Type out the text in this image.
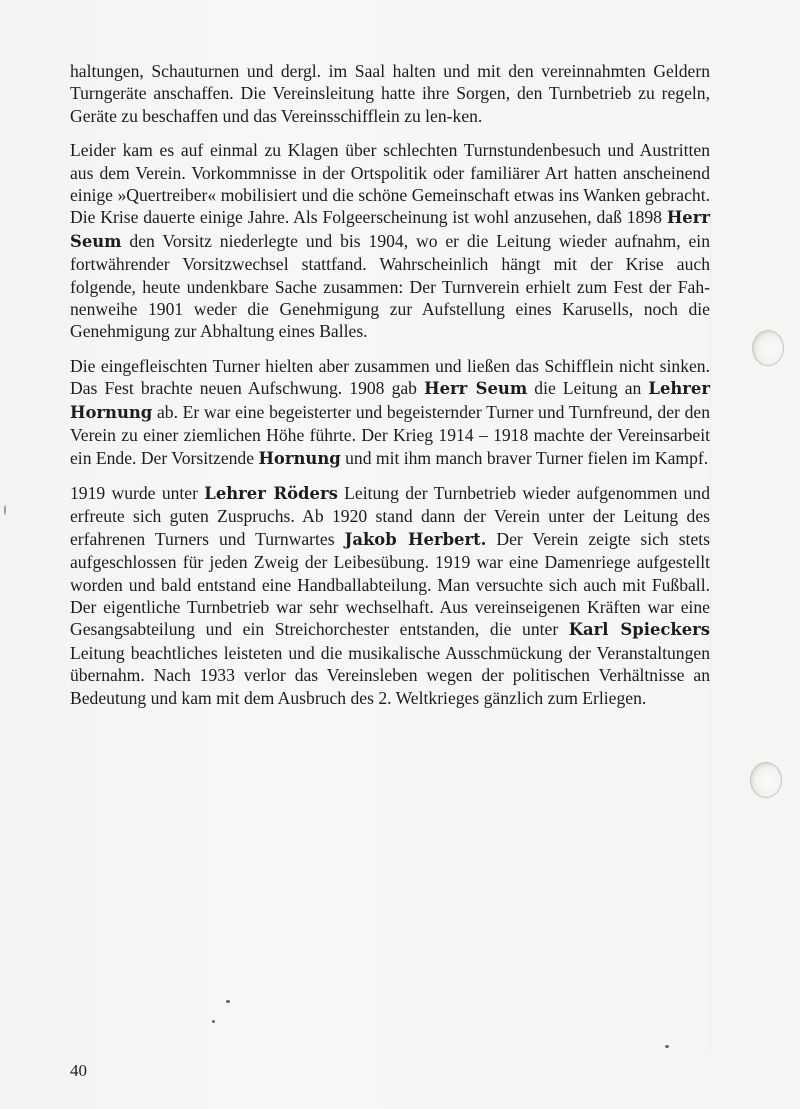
haltungen, Schauturnen und dergl. im Saal halten und mit den vereinnahmten Geldern Turngeräte anschaffen. Die Vereinsleitung hatte ihre Sorgen, den Turnbetrieb zu regeln, Geräte zu beschaffen und das Vereinsschifflein zu len-ken.

Leider kam es auf einmal zu Klagen über schlechten Turnstundenbesuch und Austritten aus dem Verein. Vorkommnisse in der Ortspolitik oder familiärer Art hatten anscheinend einige »Quertreiber« mobilisiert und die schöne Gemeinschaft etwas ins Wanken gebracht. Die Krise dauerte einige Jahre. Als Folgeerscheinung ist wohl anzusehen, daß 1898 Herr Seum den Vorsitz niederlegte und bis 1904, wo er die Leitung wieder aufnahm, ein fortwährender Vorsitzwechsel stattfand. Wahrscheinlich hängt mit der Krise auch folgende, heute undenkbare Sache zusammen: Der Turnverein erhielt zum Fest der Fahnenweihe 1901 weder die Genehmigung zur Aufstellung eines Karusells, noch die Genehmigung zur Abhaltung eines Balles.

Die eingefleischten Turner hielten aber zusammen und ließen das Schifflein nicht sinken. Das Fest brachte neuen Aufschwung. 1908 gab Herr Seum die Leitung an Lehrer Hornung ab. Er war eine begeisterter und begeisternder Turner und Turnfreund, der den Verein zu einer ziemlichen Höhe führte. Der Krieg 1914 – 1918 machte der Vereinsarbeit ein Ende. Der Vorsitzende Hornung und mit ihm manch braver Turner fielen im Kampf.

1919 wurde unter Lehrer Röders Leitung der Turnbetrieb wieder aufgenommen und erfreute sich guten Zuspruchs. Ab 1920 stand dann der Verein unter der Leitung des erfahrenen Turners und Turnwartes Jakob Herbert. Der Verein zeigte sich stets aufgeschlossen für jeden Zweig der Leibesübung. 1919 war eine Damenriege aufgestellt worden und bald entstand eine Handballabteilung. Man versuchte sich auch mit Fußball. Der eigentliche Turnbetrieb war sehr wechselhaft. Aus vereinseigenen Kräften war eine Gesangsabteilung und ein Streichorchester entstanden, die unter Karl Spieckers Leitung beachtliches leisteten und die musikalische Ausschmückung der Veranstaltungen übernahm. Nach 1933 verlor das Vereinsleben wegen der politischen Verhältnisse an Bedeutung und kam mit dem Ausbruch des 2. Weltkrieges gänzlich zum Erliegen.

40
